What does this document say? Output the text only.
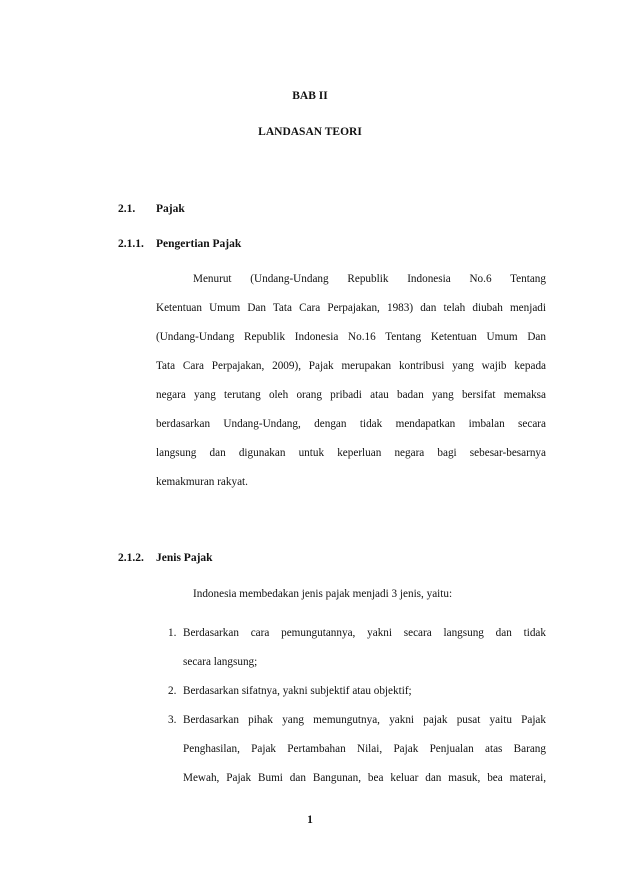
BAB II
LANDASAN TEORI
2.1. Pajak
2.1.1. Pengertian Pajak
Menurut (Undang-Undang Republik Indonesia No.6 Tentang
Ketentuan Umum Dan Tata Cara Perpajakan, 1983) dan telah diubah menjadi
(Undang-Undang Republik Indonesia No.16 Tentang Ketentuan Umum Dan
Tata Cara Perpajakan, 2009), Pajak merupakan kontribusi yang wajib kepada
negara yang terutang oleh orang pribadi atau badan yang bersifat memaksa
berdasarkan Undang-Undang, dengan tidak mendapatkan imbalan secara
langsung dan digunakan untuk keperluan negara bagi sebesar-besarnya
kemakmuran rakyat.
2.1.2. Jenis Pajak
Indonesia membedakan jenis pajak menjadi 3 jenis, yaitu:
1. Berdasarkan cara pemungutannya, yakni secara langsung dan tidak
secara langsung;
2. Berdasarkan sifatnya, yakni subjektif atau objektif;
3. Berdasarkan pihak yang memungutnya, yakni pajak pusat yaitu Pajak
Penghasilan, Pajak Pertambahan Nilai, Pajak Penjualan atas Barang
Mewah, Pajak Bumi dan Bangunan, bea keluar dan masuk, bea materai,
1
